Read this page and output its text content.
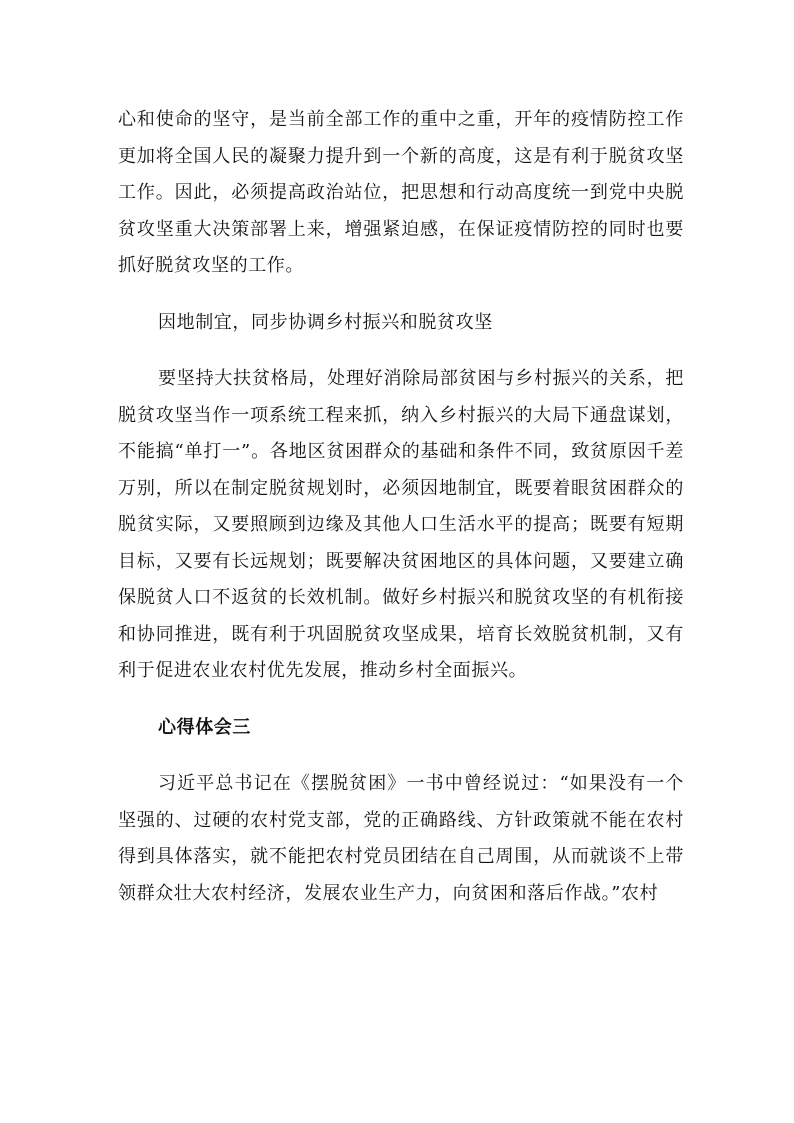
心和使命的坚守，是当前全部工作的重中之重，开年的疫情防控工作更加将全国人民的凝聚力提升到一个新的高度，这是有利于脱贫攻坚工作。因此，必须提高政治站位，把思想和行动高度统一到党中央脱贫攻坚重大决策部署上来，增强紧迫感，在保证疫情防控的同时也要抓好脱贫攻坚的工作。

因地制宜，同步协调乡村振兴和脱贫攻坚

要坚持大扶贫格局，处理好消除局部贫困与乡村振兴的关系，把脱贫攻坚当作一项系统工程来抓，纳入乡村振兴的大局下通盘谋划，不能搞“单打一”。各地区贫困群众的基础和条件不同，致贫原因千差万别，所以在制定脱贫规划时，必须因地制宜，既要着眼贫困群众的脱贫实际，又要照顾到边缘及其他人口生活水平的提高；既要有短期目标，又要有长远规划；既要解决贫困地区的具体问题，又要建立确保脱贫人口不返贫的长效机制。做好乡村振兴和脱贫攻坚的有机衔接和协同推进，既有利于巩固脱贫攻坚成果，培育长效脱贫机制，又有利于促进农业农村优先发展，推动乡村全面振兴。

心得体会三

习近平总书记在《摆脱贫困》一书中曾经说过：“如果没有一个坚强的、过硬的农村党支部，党的正确路线、方针政策就不能在农村得到具体落实，就不能把农村党员团结在自己周围，从而就谈不上带领群众壮大农村经济，发展农业生产力，向贫困和落后作战。”农村
